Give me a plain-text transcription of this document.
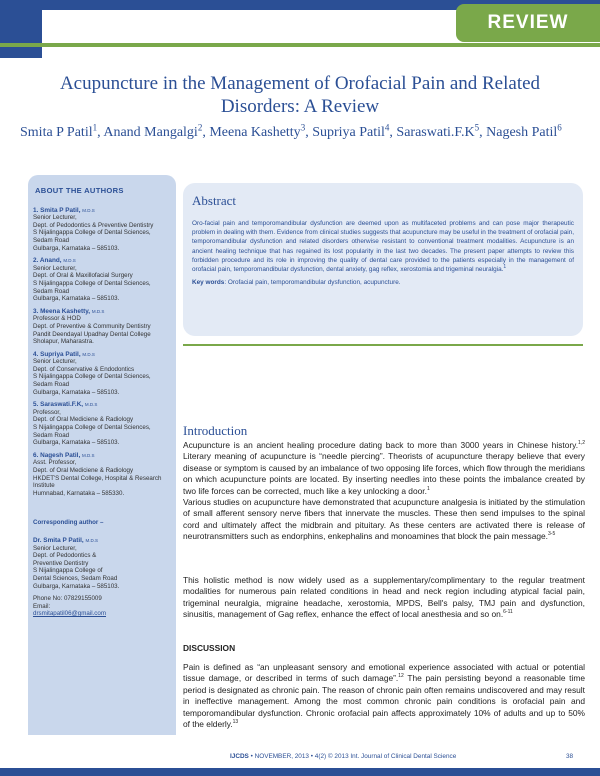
REVIEW
Acupuncture in the Management of Orofacial Pain and Related Disorders: A Review
Smita P Patil$^1$, Anand Mangalgi$^2$, Meena Kashetty$^3$, Supriya Patil$^4$, $Saraswati.F.K^5$, Nagesh Patil$^6$
ABOUT THE AUTHORS
1. Smita P Patil, M.D.S
Senior Lecturer,
Dept. of Pedodontics & Preventive Dentistry
S Nijalingappa College of Dental Sciences, Sedam Road
Gulbarga, Karnataka – 585103.
2. Anand, M.D.S
Senior Lecturer,
Dept. of Oral & Maxillofacial Surgery
S Nijalingappa College of Dental Sciences, Sedam Road
Gulbarga, Karnataka – 585103.
3. Meena Kashetty, M.D.S
Professor & HOD
Dept. of Preventive & Community Dentistry
Pandit Deendayal Upadhay Dental College Sholapur, Maharastra.
4. Supriya Patil, M.D.S
Senior Lecturer,
Dept. of Conservative & Endodontics
S Nijalingappa College of Dental Sciences, Sedam Road
Gulbarga, Karnataka – 585103.
5. Saraswati.F.K, M.D.S
Professor,
Dept. of Oral Mediciene & Radiology
S Nijalingappa College of Dental Sciences, Sedam Road
Gulbarga, Karnataka – 585103.
6. Nagesh Patil, M.D.S
Asst. Professor,
Dept. of Oral Mediciene & Radiology
HKDET'S Dental College, Hospital & Research Institute
Humnabad, Karnataka – 585330.
Corresponding author –
Dr. Smita P Patil, M.D.S
Senior Lecturer,
Dept. of Pedodontics &
Preventive Dentistry
S Nijalingappa College of
Dental Sciences, Sedam Road
Gulbarga, Karnataka – 585103.
Phone No: 07829155009
Email:
drsmitapatil06@gmail.com
Abstract
Oro-facial pain and temporomandibular dysfunction are deemed upon as multifaceted problems and can pose major therapeutic problem in dealing with them. Evidence from clinical studies suggests that acupuncture may be useful in the treatment of orofacial pain, temporomandibular dysfunction and related disorders otherwise resistant to conventional treatment modalities. Acupuncture is an ancient healing technique that has regained its lost popularity in the last two decades. The present paper attempts to review this forbidden procedure and its role in improving the quality of dental care provided to the patients especially in the management of orofacial pain, temporomandibular dysfunction, dental anxiety, gag reflex, xerostomia and trigeminal neuralgia.$^1$
Key words: Orofacial pain, temporomandibular dysfunction, acupuncture.
Introduction
Acupuncture is an ancient healing procedure dating back to more than 3000 years in Chinese history.$^{1,2}$ Literary meaning of acupuncture is “needle piercing”. Theorists of acupuncture therapy believe that every disease or symptom is caused by an imbalance of two opposing life forces, which flow through the meridians on which acupuncture points are located. By inserting needles into these points the imbalance created by two life forces can be corrected, much like a key unlocking a door.$^1$
Various studies on acupuncture have demonstrated that acupuncture analgesia is initiated by the stimulation of small afferent sensory nerve fibers that innervate the muscles. These then send impulses to the spinal cord and ultimately affect the midbrain and pituitary. As these centers are activated there is release of neurotransmitters such as endorphins, enkephalins and monoamines that block the pain message.$^{3-5}$
This holistic method is now widely used as a supplementary/complimentary to the regular treatment modalities for numerous pain related conditions in head and neck region including atypical facial pain, trigeminal neuralgia, migraine headache, xerostomia, MPDS, Bell's palsy, TMJ pain and dysfunction, sinusitis, management of Gag reflex, enhance the effect of local anesthesia and so on.$^{6-11}$
DISCUSSION
Pain is defined as “an unpleasant sensory and emotional experience associated with actual or potential tissue damage, or described in terms of such damage”.$^{12}$ The pain persisting beyond a reasonable time period is designated as chronic pain. The reason of chronic pain often remains undiscovered and may result in ineffective management. Among the most common chronic pain conditions is orofacial pain and temporomandibular dysfunction. Chronic orofacial pain affects approximately 10% of adults and up to 50% of the elderly.$^{13}$
IJCDS • NOVEMBER, 2013 • 4(2) © 2013 Int. Journal of Clinical Dental Science	38
